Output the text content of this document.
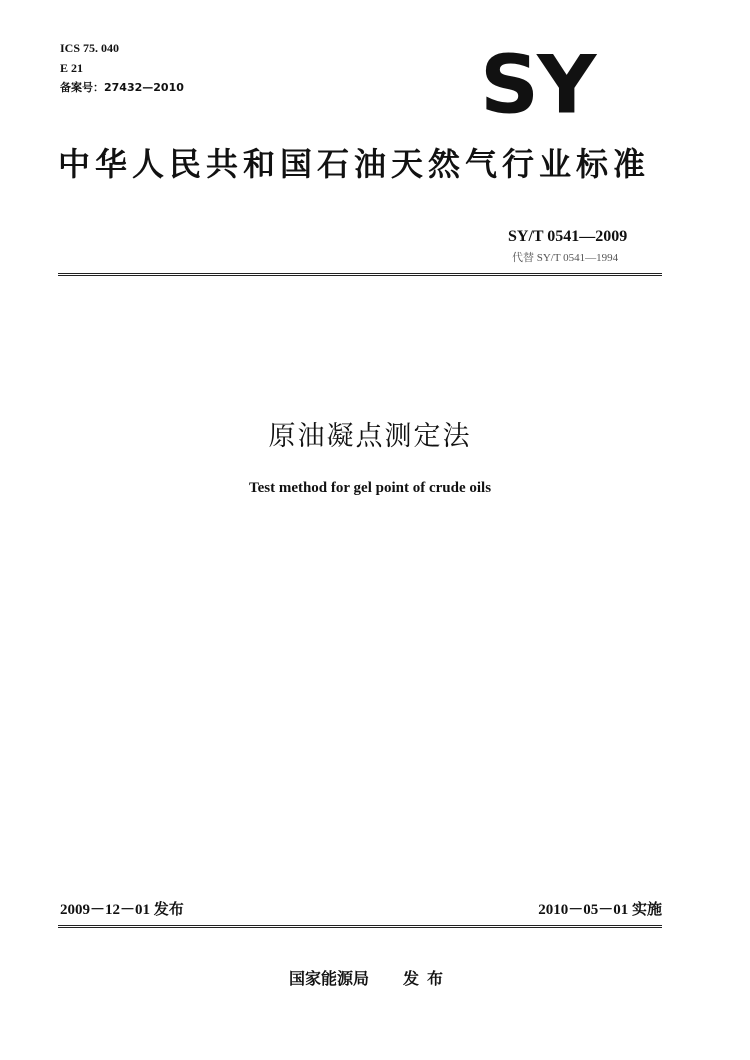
ICS 75. 040
E 21
备案号：27432—2010	SY
中华人民共和国石油天然气行业标准
SY/T 0541—2009
代替 SY/T 0541—1994
原油凝点测定法
Test method for gel point of crude oils
2009－12－01 发布	2010－05－01 实施
国家能源局 发布
